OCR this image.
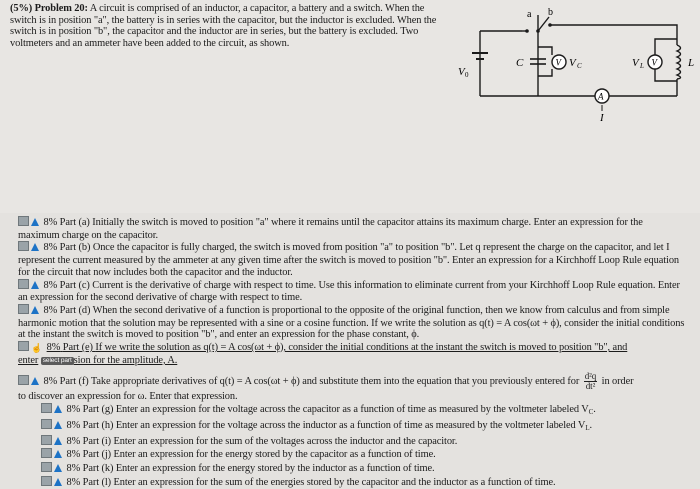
(5%) Problem 20: A circuit is comprised of an inductor, a capacitor, a battery and a switch. When the switch is in position "a", the battery is in series with the capacitor, but the inductor is excluded. When the switch is in position "b", the capacitor and the inductor are in series, but the battery is excluded. Two voltmeters and an ammeter have been added to the circuit, as shown.
V	V
A
I
a b
V 0
C	V C	V L	L
8% Part (a) Initially the switch is moved to position "a" where it remains until the capacitor attains its maximum charge. Enter an expression for the maximum charge on the capacitor.
8% Part (b) Once the capacitor is fully charged, the switch is moved from position "a" to position "b". Let q represent the charge on the capacitor, and let I represent the current measured by the ammeter at any given time after the switch is moved to position "b". Enter an expression for a Kirchhoff Loop Rule equation for the circuit that now includes both the capacitor and the inductor.
8% Part (c) Current is the derivative of charge with respect to time. Use this information to eliminate current from your Kirchhoff Loop Rule equation. Enter an expression for the second derivative of charge with respect to time.
8% Part (d) When the second derivative of a function is proportional to the opposite of the original function, then we know from calculus and from simple harmonic motion that the solution may be represented with a sine or a cosine function. If we write the solution as q(t) = A cos(ωt + ϕ), consider the initial conditions at the instant the switch is moved to position "b", and enter an expression for the phase constant, ϕ.
☝ 8% Part (e) If we write the solution as q(t) = A cos(ωt + ϕ), consider the initial conditions at the instant the switch is moved to position "b", and
enter select part sion for the amplitude, A.
8% Part (f) Take appropriate derivatives of q(t) = A cos(ωt + ϕ) and substitute them into the equation that you previously entered for $\frac{\text{d²q}}{\text{dt²}}$ in order
to discover an expression for ω. Enter that expression.
8% Part (g) Enter an expression for the voltage across the capacitor as a function of time as measured by the voltmeter labeled $V_C$.
8% Part (h) Enter an expression for the voltage across the inductor as a function of time as measured by the voltmeter labeled $V_L$.
8% Part (i) Enter an expression for the sum of the voltages across the inductor and the capacitor.
8% Part (j) Enter an expression for the energy stored by the capacitor as a function of time.
8% Part (k) Enter an expression for the energy stored by the inductor as a function of time.
8% Part (l) Enter an expression for the sum of the energies stored by the capacitor and the inductor as a function of time.
